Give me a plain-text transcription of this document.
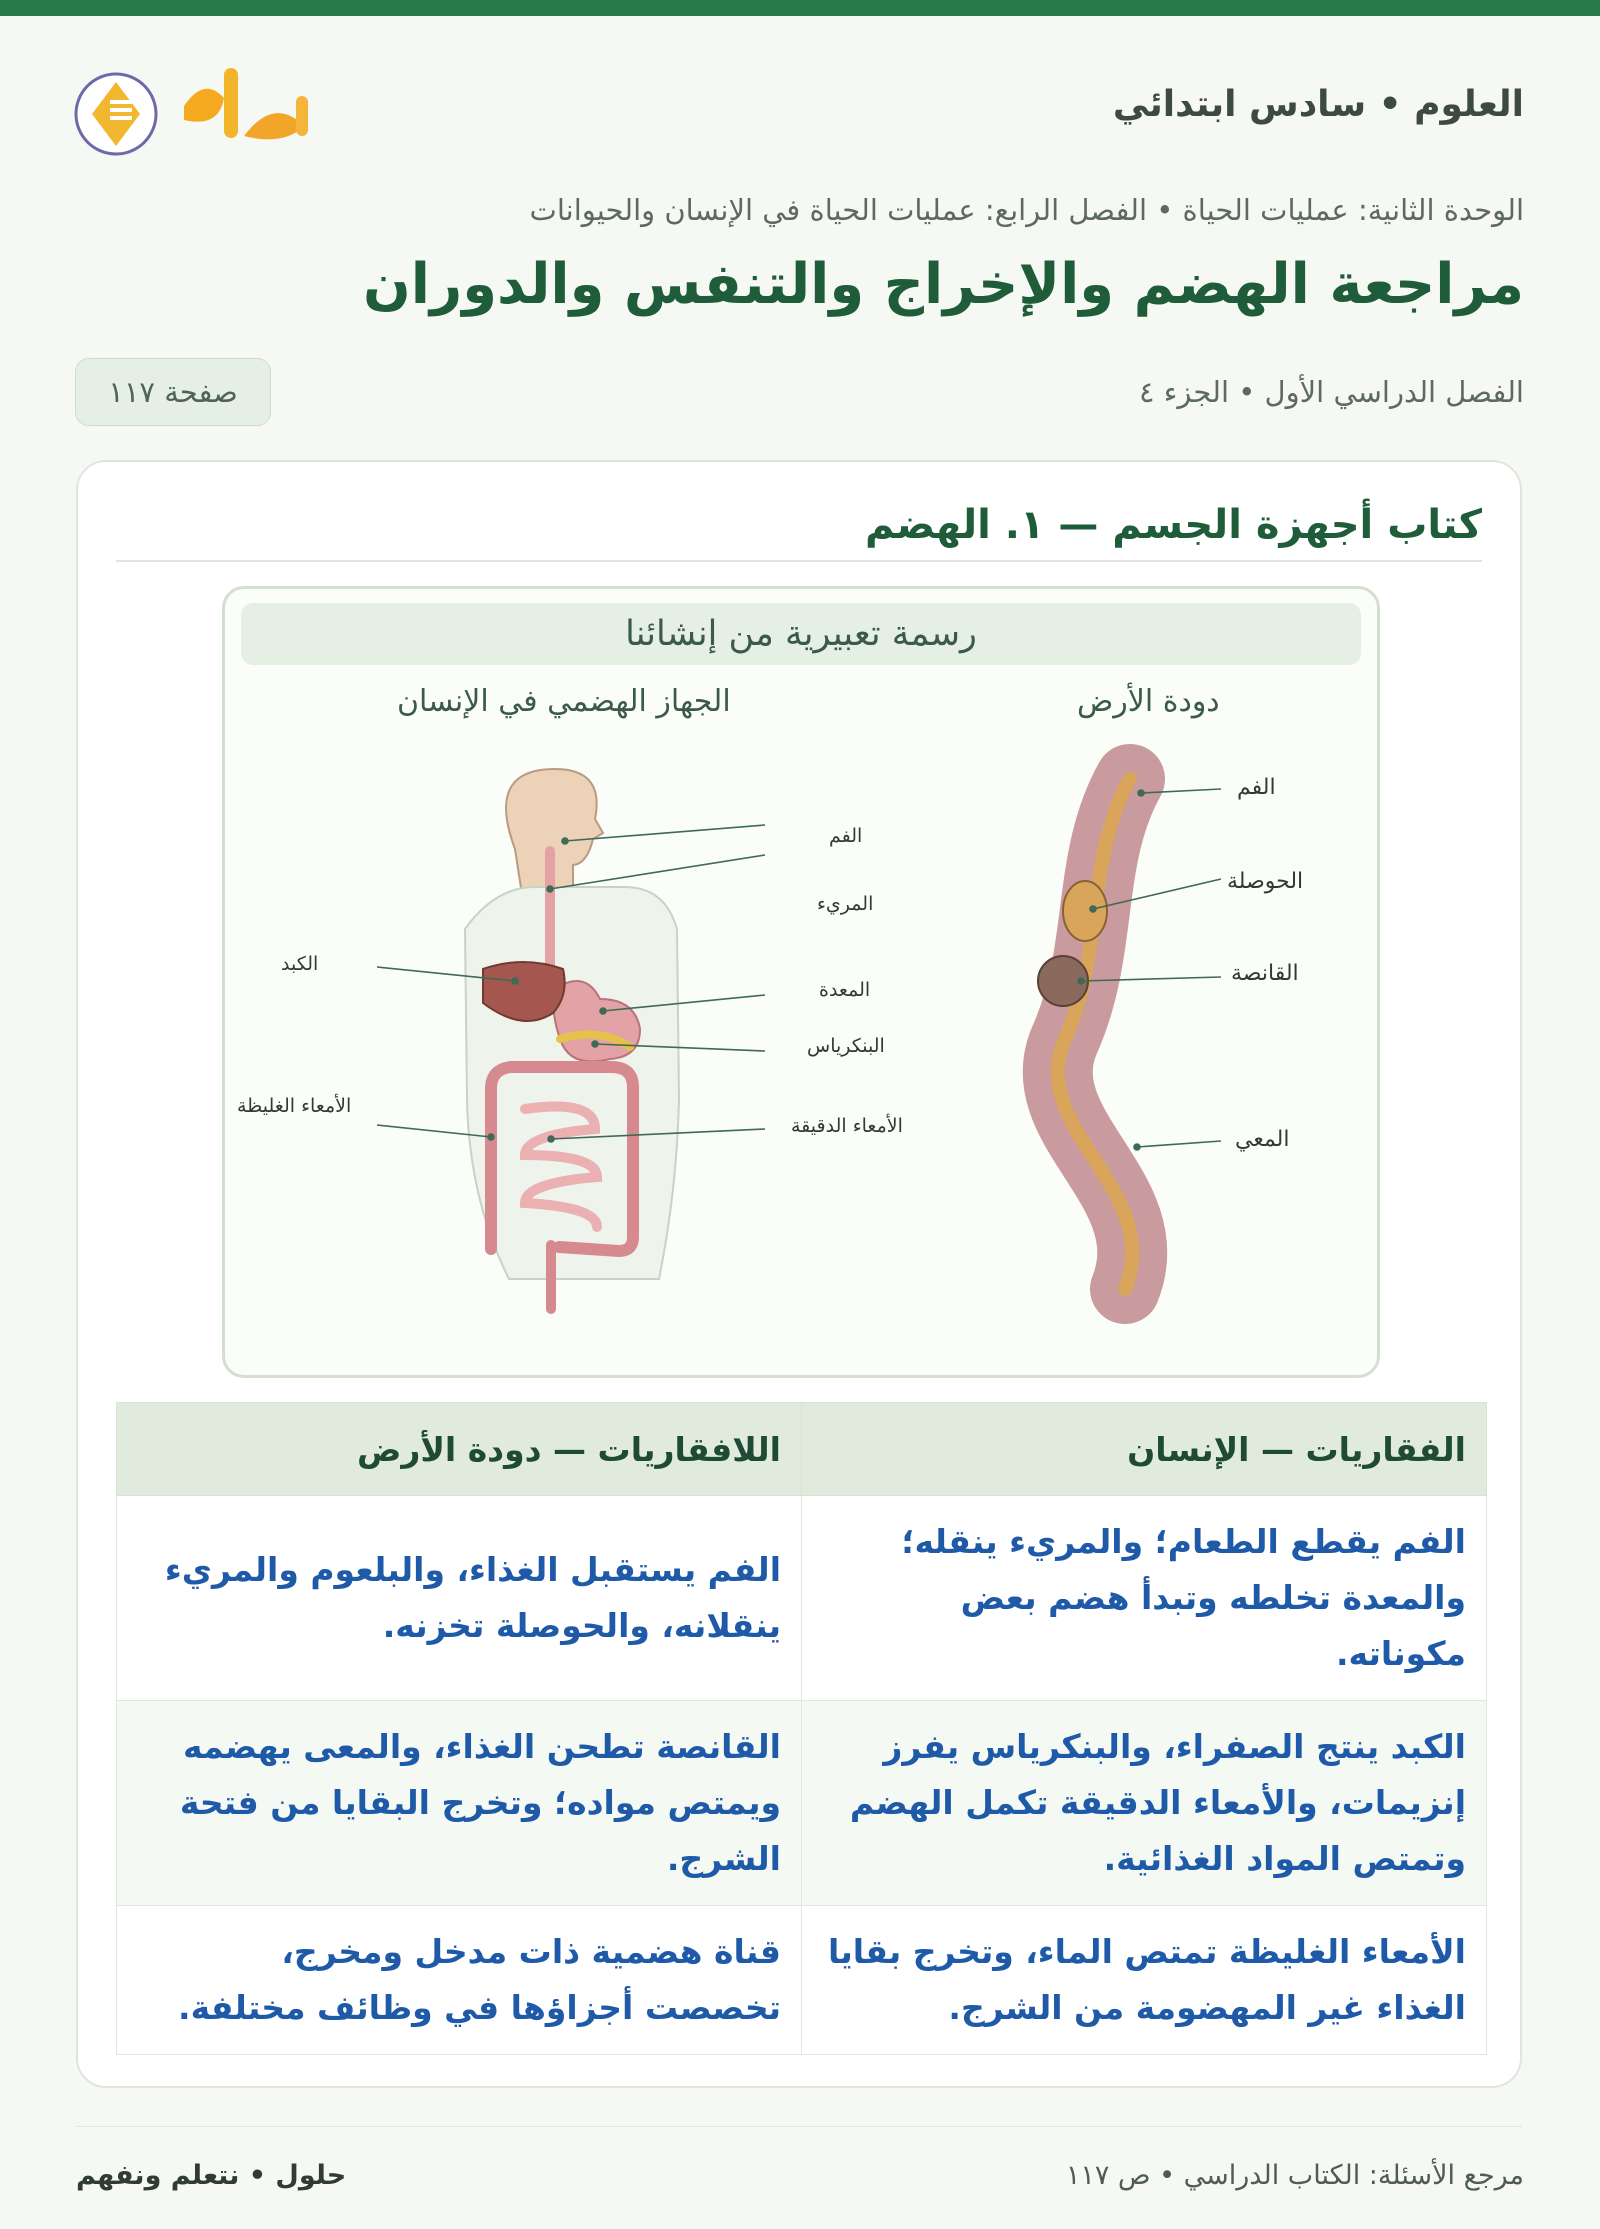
العلوم • سادس ابتدائي
الوحدة الثانية: عمليات الحياة • الفصل الرابع: عمليات الحياة في الإنسان والحيوانات
مراجعة الهضم والإخراج والتنفس والدوران
الفصل الدراسي الأول • الجزء ٤
صفحة ١١٧
كتاب أجهزة الجسم — ١. الهضم
رسمة تعبيرية من إنشائنا
الجهاز الهضمي في الإنسان	دودة الأرض
الفم
المريء
المعدة
البنكرياس
الأمعاء الدقيقة
الكبد
الأمعاء الغليظة
الفم
الحوصلة
القانصة
المعي
الفقاريات — الإنسان	اللافقاريات — دودة الأرض
الفم يقطع الطعام؛ والمريء ينقله؛ والمعدة تخلطه وتبدأ هضم بعض مكوناته.	الفم يستقبل الغذاء، والبلعوم والمريء ينقلانه، والحوصلة تخزنه.
الكبد ينتج الصفراء، والبنكرياس يفرز إنزيمات، والأمعاء الدقيقة تكمل الهضم وتمتص المواد الغذائية.	القانصة تطحن الغذاء، والمعى يهضمه ويمتص مواده؛ وتخرج البقايا من فتحة الشرج.
الأمعاء الغليظة تمتص الماء، وتخرج بقايا الغذاء غير المهضومة من الشرج.	قناة هضمية ذات مدخل ومخرج، تخصصت أجزاؤها في وظائف مختلفة.
مرجع الأسئلة: الكتاب الدراسي • ص ١١٧
حلول • نتعلم ونفهم
